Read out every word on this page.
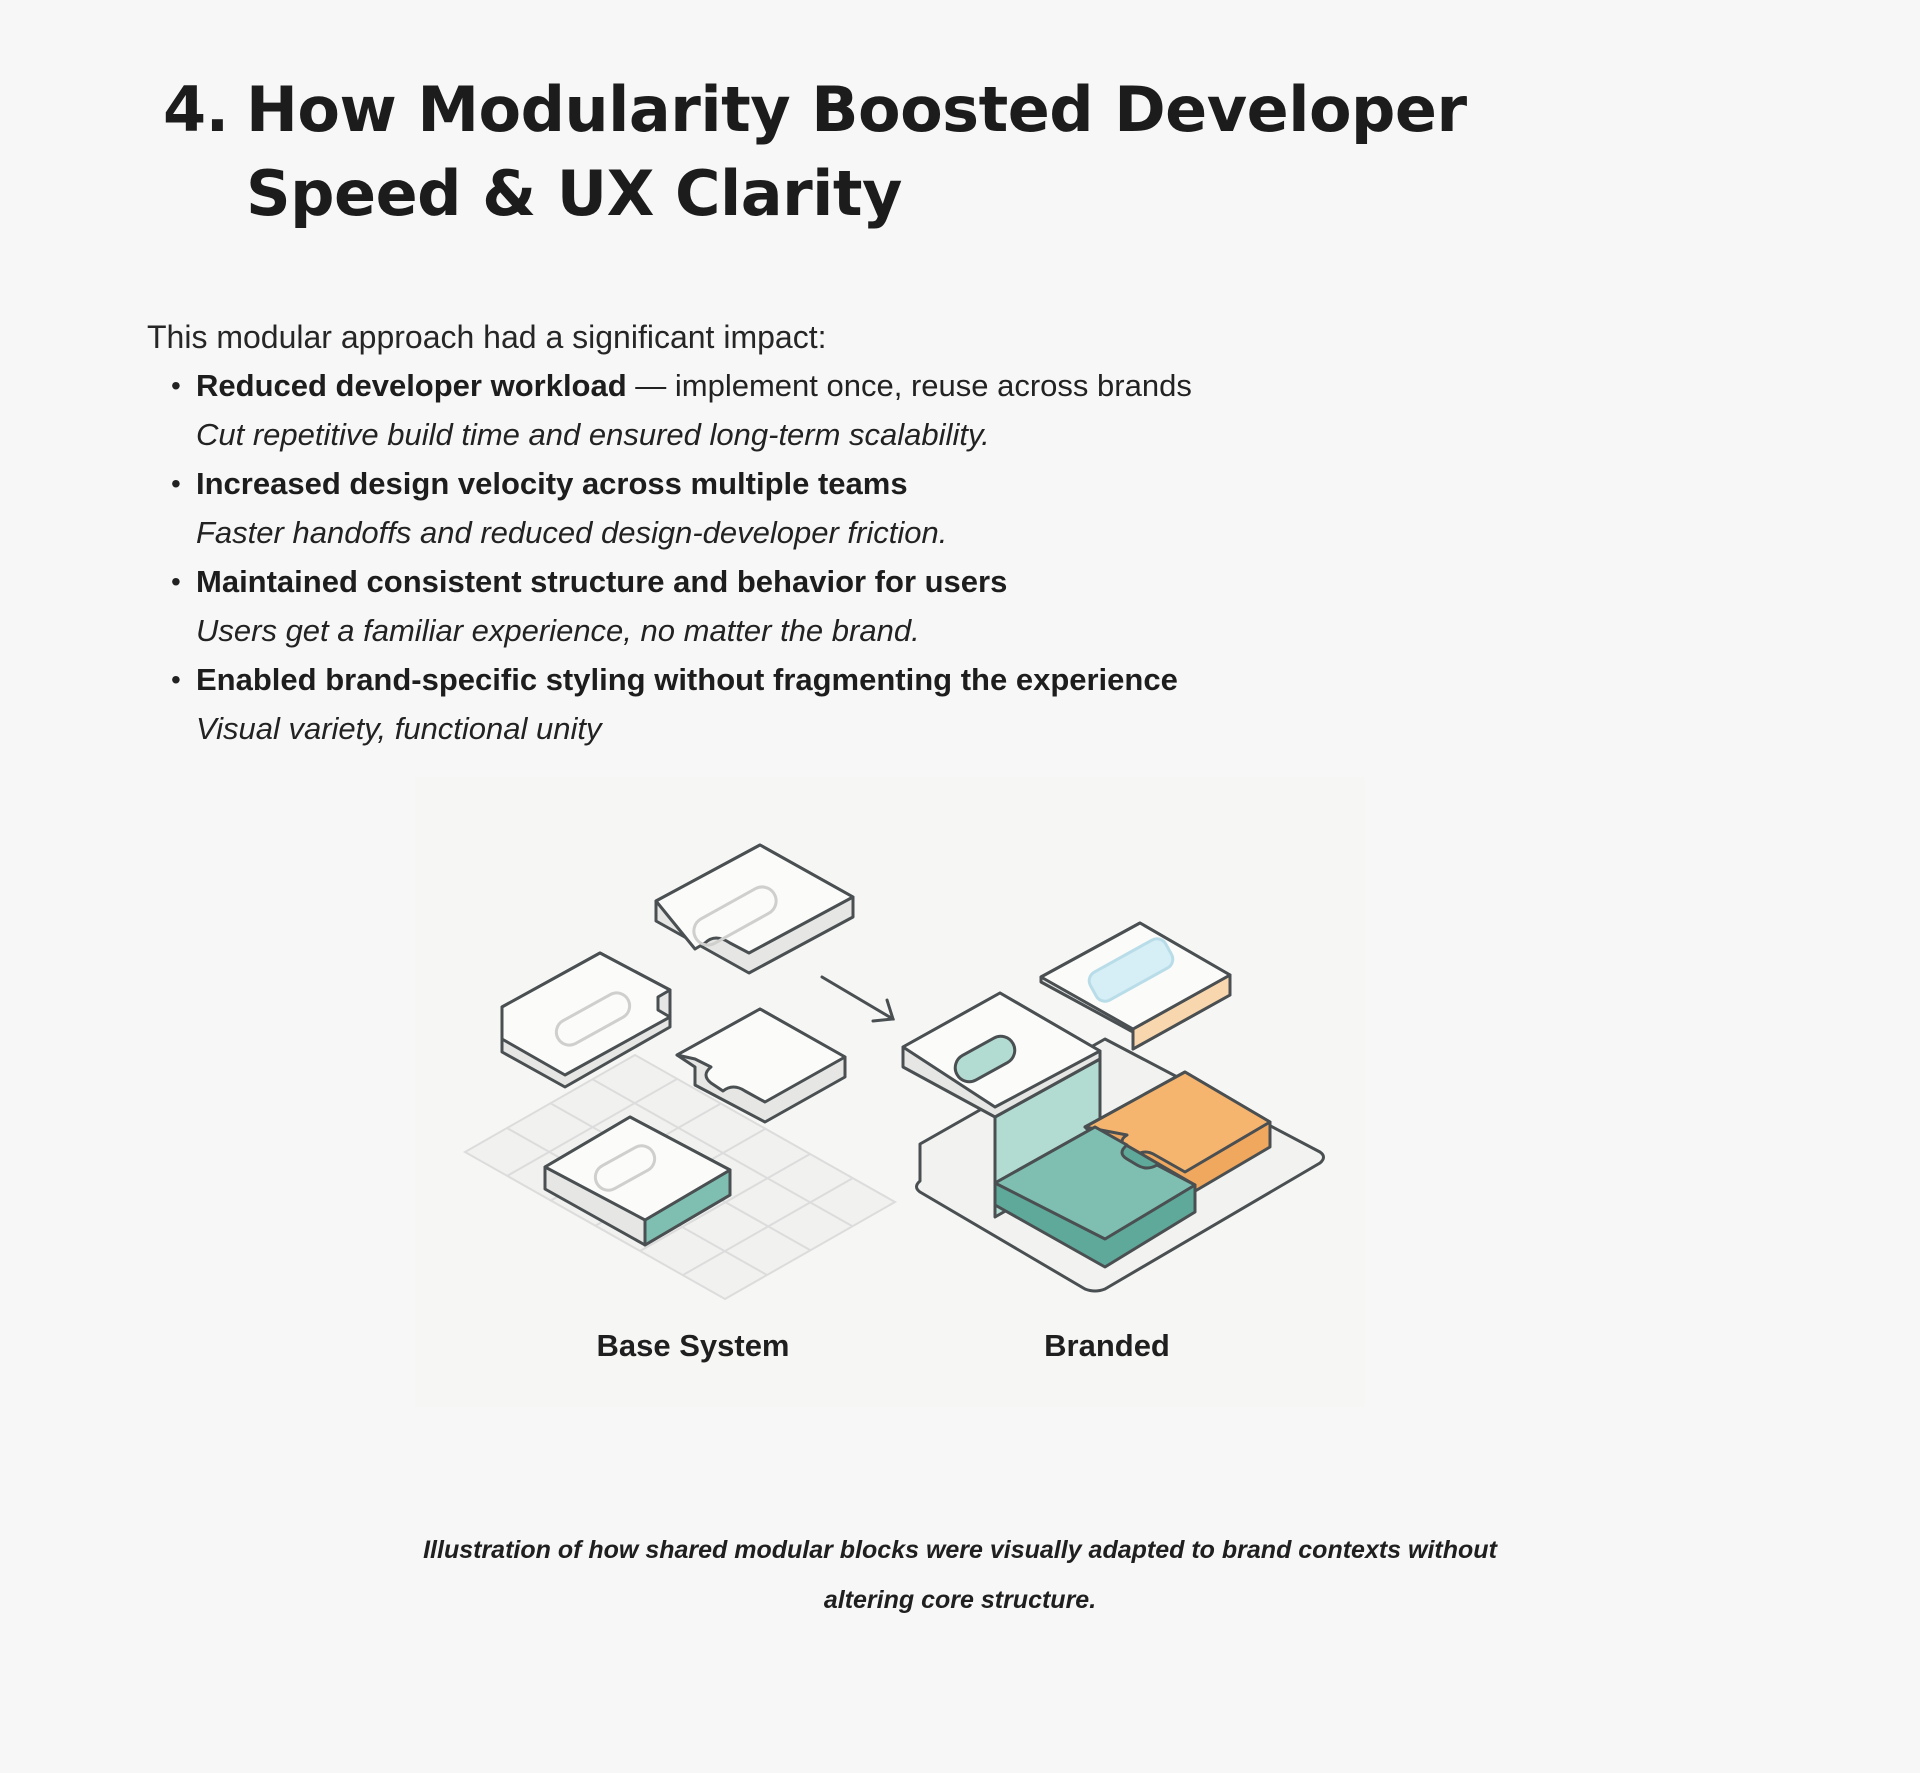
4. How Modularity Boosted Developer Speed & UX Clarity

This modular approach had a significant impact:

• Reduced developer workload — implement once, reuse across brands
Cut repetitive build time and ensured long-term scalability.
• Increased design velocity across multiple teams
Faster handoffs and reduced design-developer friction.
• Maintained consistent structure and behavior for users
Users get a familiar experience, no matter the brand.
• Enabled brand-specific styling without fragmenting the experience
Visual variety, functional unity
Base System	Branded

Illustration of how shared modular blocks were visually adapted to brand contexts without altering core structure.
